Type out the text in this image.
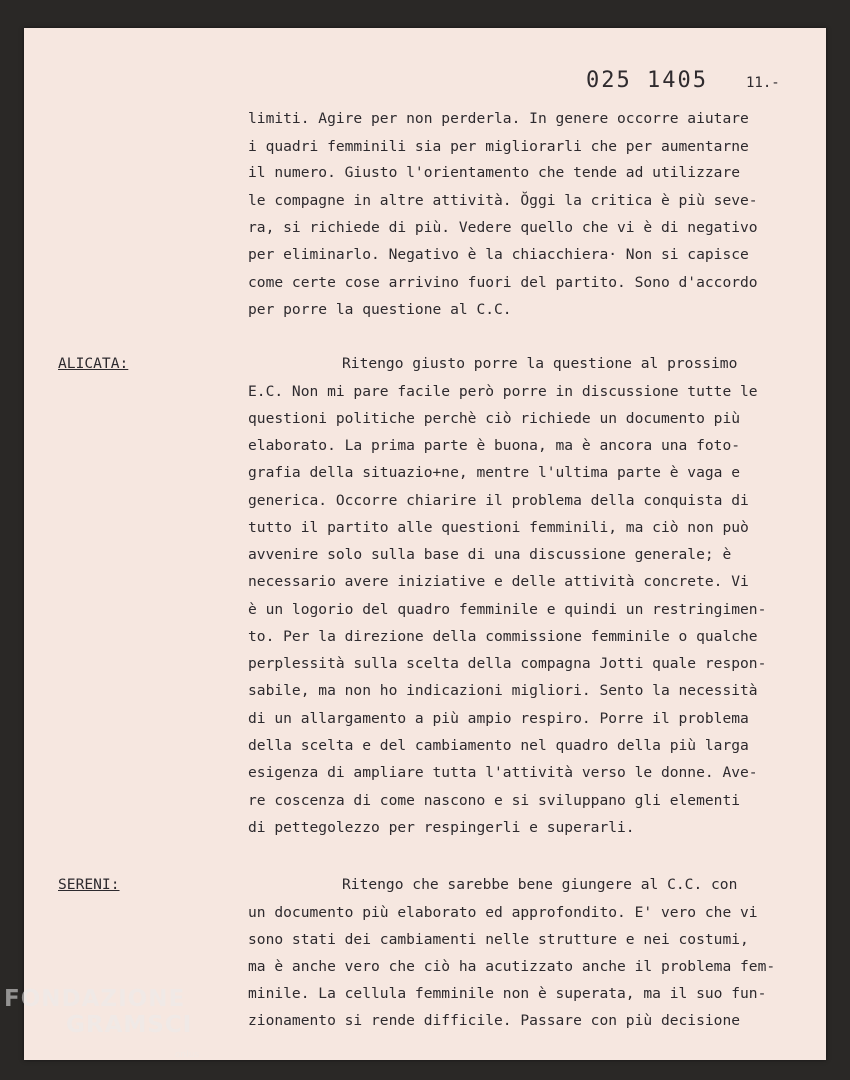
025 1405	11.-
limiti. Agire per non perderla. In genere occorre aiutare
i quadri femminili sia per migliorarli che per aumentarne
il numero. Giusto l'orientamento che tende ad utilizzare
le compagne in altre attività. Ŏggi la critica è più seve-
ra, si richiede di più. Vedere quello che vi è di negativo
per eliminarlo. Negativo è la chiacchiera· Non si capisce
come certe cose arrivino fuori del partito. Sono d'accordo
per porre la questione al C.C.
ALICATA:	Ritengo giusto porre la questione al prossimo
E.C. Non mi pare facile però porre in discussione tutte le
questioni politiche perchè ciò richiede un documento più
elaborato. La prima parte è buona, ma è ancora una foto-
grafia della situazio+ne, mentre l'ultima parte è vaga e
generica. Occorre chiarire il problema della conquista di
tutto il partito alle questioni femminili, ma ciò non può
avvenire solo sulla base di una discussione generale; è
necessario avere iniziative e delle attività concrete. Vi
è un logorio del quadro femminile e quindi un restringimen-
to. Per la direzione della commissione femminile o qualche
perplessità sulla scelta della compagna Jotti quale respon-
sabile, ma non ho indicazioni migliori. Sento la necessità
di un allargamento a più ampio respiro. Porre il problema
della scelta e del cambiamento nel quadro della più larga
esigenza di ampliare tutta l'attività verso le donne. Ave-
re coscenza di come nascono e si sviluppano gli elementi
di pettegolezzo per respingerli e superarli.
SERENI:	Ritengo che sarebbe bene giungere al C.C. con
un documento più elaborato ed approfondito. E' vero che vi
sono stati dei cambiamenti nelle strutture e nei costumi,
ma è anche vero che ciò ha acutizzato anche il problema fem-
minile. La cellula femminile non è superata, ma il suo fun-
zionamento si rende difficile. Passare con più decisione
FONDAZIONE
GRAMSCI
onlus
